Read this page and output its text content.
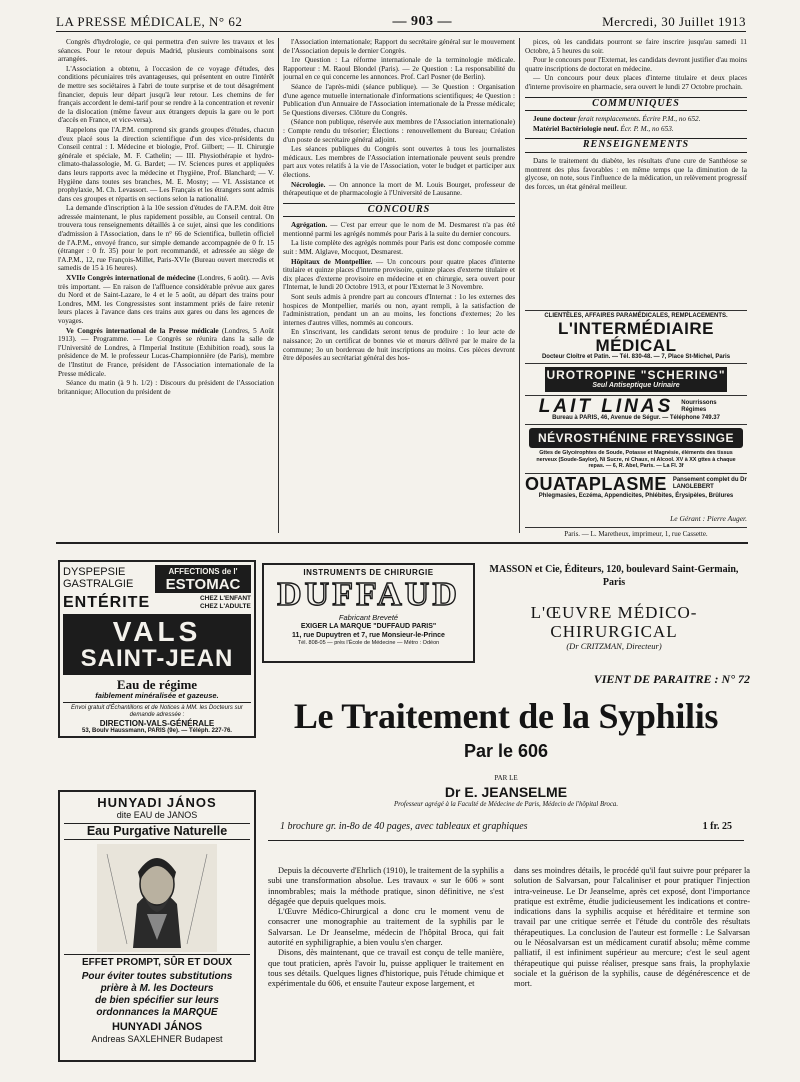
LA PRESSE MÉDICALE, N° 62	— 903 —	Mercredi, 30 Juillet 1913

Congrès d'hydrologie, ce qui permettra d'en suivre les travaux et les séances. Pour le retour depuis Madrid, plusieurs combinaisons sont arrangées.

L'Association a obtenu, à l'occasion de ce voyage d'études, des conditions pécuniaires très avantageuses, qui présentent en outre l'intérêt de mettre ses sociétaires à l'abri de toute surprise et de tout désagrément financier, depuis leur départ jusqu'à leur retour. Les chemins de fer français accordent le demi-tarif pour se rendre à la concentration et revenir de la dislocation (même faveur aux étrangers depuis la gare ou le port d'accès en France, et vice-versa).

Rappelons que l'A.P.M. comprend six grands groupes d'études, chacun d'eux placé sous la direction scientifique d'un des vice-présidents du Conseil central : I. Médecine et biologie, Prof. Gilbert; — II. Chirurgie générale et spéciale, M. F. Cathelin; — III. Physiothérapie et hydro-climato-thalassologie, M. G. Bardet; — IV. Sciences pures et appliquées dans leurs rapports avec la médecine et l'hygiène, Prof. Blanchard; — V. Hygiène dans toutes ses branches, M. E. Mosny; — VI. Assistance et prophylaxie, M. Ch. Levassort. — Les Français et les étrangers sont admis dans ces groupes et répartis en sections selon la nationalité.

La demande d'inscription à la 10e session d'études de l'A.P.M. doit être adressée maintenant, le plus rapidement possible, au Conseil central. On trouvera tous renseignements détaillés à ce sujet, ainsi que les conditions d'admission à l'Association, dans le n° 66 de Scientifica, bulletin officiel de l'A.P.M., envoyé franco, sur simple demande accompagnée de 0 fr. 15 (étranger : 0 fr. 35) pour le port recommandé, et adressée au siège de l'A.P.M., 12, rue François-Millet, Paris-XVIe (Bureau ouvert mercredis et samedis de 15 à 16 heures).

XVIIe Congrès international de médecine (Londres, 6 août). — Avis très important. — En raison de l'affluence considérable prévue aux gares du Nord et de Saint-Lazare, le 4 et le 5 août, au départ des trains pour Londres, MM. les Congressistes sont instamment priés de faire retenir leurs places à l'avance dans ces trains aux gares ou dans les agences de voyages.

Ve Congrès international de la Presse médicale (Londres, 5 Août 1913). — Programme. — Le Congrès se réunira dans la salle de l'Université de Londres, à l'Imperial Institute (Exhibition road), sous la présidence de M. le professeur Lucas-Championnière (de Paris), membre de l'Institut de France, président de l'Association internationale de la Presse médicale.

Séance du matin (à 9 h. 1/2) : Discours du président de l'Association britannique; Allocution du président de

l'Association internationale; Rapport du secrétaire général sur le mouvement de l'Association depuis le dernier Congrès.

1re Question : La réforme internationale de la terminologie médicale. Rapporteur : M. Raoul Blondel (Paris). — 2e Question : La responsabilité du journal en ce qui concerne les annonces. Prof. Carl Posner (de Berlin).

Séance de l'après-midi (séance publique). — 3e Question : Organisation d'une agence mutuelle internationale d'informations scientifiques; 4e Question : Publication d'un Annuaire de l'Association internationale de la Presse médicale; 5e Questions diverses. Clôture du Congrès.

(Séance non publique, réservée aux membres de l'Association internationale) : Compte rendu du trésorier; Élections : renouvellement du Bureau; Création d'un poste de secrétaire général adjoint.

Les séances publiques du Congrès sont ouvertes à tous les journalistes médicaux. Les membres de l'Association internationale peuvent seuls prendre part aux votes relatifs à la vie de l'Association, voter le budget et participer aux élections.

Nécrologie. — On annonce la mort de M. Louis Bourget, professeur de thérapeutique et de pharmacologie à l'Université de Lausanne.

CONCOURS

Agrégation. — C'est par erreur que le nom de M. Desmarest n'a pas été mentionné parmi les agrégés nommés pour Paris à la suite du dernier concours.

La liste complète des agrégés nommés pour Paris est donc composée comme suit : MM. Alglave, Mocquot, Desmarest.

Hôpitaux de Montpellier. — Un concours pour quatre places d'interne titulaire et quinze places d'interne provisoire, quinze places d'externe titulaire et dix places d'externe provisoire en médecine et en chirurgie, sera ouvert pour l'Internat, le lundi 20 Octobre 1913, et pour l'Externat le 3 Novembre.

Sont seuls admis à prendre part au concours d'Internat : 1o les externes des hospices de Montpellier, mariés ou non, ayant rempli, à la satisfaction de l'administration, pendant un an au moins, les fonctions d'externes; 2o les internes d'autres villes, nommés au concours.

En s'inscrivant, les candidats seront tenus de produire : 1o leur acte de naissance; 2o un certificat de bonnes vie et mœurs délivré par le maire de la commune; 3o un bordereau de huit inscriptions au moins. Ces pièces devront être déposées au secrétariat général des hos-

pices, où les candidats pourront se faire inscrire jusqu'au samedi 11 Octobre, à 5 heures du soir.

Pour le concours pour l'Externat, les candidats devront justifier d'au moins quatre inscriptions de doctorat en médecine.

— Un concours pour deux places d'interne titulaire et deux places d'interne provisoire en pharmacie, sera ouvert le lundi 27 Octobre prochain.

COMMUNIQUÉS

Jeune docteur ferait remplacements. Écrire P.M., no 652.

Matériel Bactériologie neuf. Écr. P. M., no 653.

RENSEIGNEMENTS

Dans le traitement du diabète, les résultats d'une cure de Santhéose se montrent des plus favorables : en même temps que la diminution de la glycose, on note, sous l'influence de la médication, un relèvement progressif des forces, un état général meilleur.

CLIENTÈLES, AFFAIRES PARAMÉDICALES, REMPLACEMENTS.
L'INTERMÉDIAIRE MÉDICAL
Docteur Cloître et Patin. — Tél. 830-48. — 7, Place St-Michel, Paris
UROTROPINE "SCHERING"
Seul Antiseptique Urinaire
LAIT LINAS Nourrissons Régimes
Bureau à PARIS, 46, Avenue de Ségur. — Téléphone 749.37
NÉVROSTHÉNINE FREYSSINGE
Gttes de Glycérophtes de Soude, Potasse et Magnésie, éléments des tissus nerveux (Soude-Saylor), Ni Sucre, ni Chaux, ni Alcool. XV à XX gttes à chaque repas. — 6, R. Abel, Paris. — La Fl. 3f
OUATAPLASME Pansement complet du Dr LANGLEBERT
Phlegmasies, Eczéma, Appendicites, Phlébites, Érysipèles, Brûlures
Le Gérant : Pierre Auger.
Paris. — L. Maretheux, imprimeur, 1, rue Cassette.
DYSPEPSIE
GASTRALGIE
AFFECTIONS de l'
ESTOMAC
ENTÉRITE	CHEZ L'ENFANT
CHEZ L'ADULTE
VALS
SAINT-JEAN
Eau de régime
faiblement minéralisée et gazeuse.
Envoi gratuit d'Échantillons et de Notices à MM. les Docteurs sur demande adressée :
DIRECTION-VALS-GÉNÉRALE
53, Boulv Haussmann, PARIS (9e). — Téléph. 227-76.
HUNYADI JÁNOS
dite EAU de JANOS
Eau Purgative Naturelle
EFFET PROMPT, SÛR ET DOUX
Pour éviter toutes substitutions
prière à M. les Docteurs
de bien spécifier sur leurs
ordonnances la MARQUE
HUNYADI JÁNOS
Andreas SAXLEHNER Budapest
INSTRUMENTS DE CHIRURGIE
DUFFAUD
Fabricant Breveté
EXIGER LA MARQUE "DUFFAUD PARIS"
11, rue Dupuytren et 7, rue Monsieur-le-Prince
Tél. 808-05 — près l'École de Médecine — Métro : Odéon
MASSON et Cie, Éditeurs, 120, boulevard Saint-Germain, Paris
L'ŒUVRE MÉDICO-CHIRURGICAL
(Dr CRITZMAN, Directeur)
VIENT DE PARAITRE : N° 72
Le Traitement de la Syphilis
Par le 606
PAR LE
Dr E. JEANSELME
Professeur agrégé à la Faculté de Médecine de Paris, Médecin de l'hôpital Broca.
1 brochure gr. in-8o de 40 pages, avec tableaux et graphiques	1 fr. 25

Depuis la découverte d'Ehrlich (1910), le traitement de la syphilis a subi une transformation absolue. Les travaux « sur le 606 » sont innombrables; mais la méthode pratique, sinon définitive, ne s'est dégagée que depuis quelques mois.

L'Œuvre Médico-Chirurgical a donc cru le moment venu de consacrer une monographie au traitement de la syphilis par le Salvarsan. Le Dr Jeanselme, médecin de l'hôpital Broca, qui fait autorité en syphiligraphie, a bien voulu s'en charger.

Disons, dès maintenant, que ce travail est conçu de telle manière, que tout praticien, après l'avoir lu, puisse appliquer le traitement en tous ses détails. Quelques lignes d'historique, puis l'étude chimique et expérimentale du 606, et ensuite l'auteur expose largement, et

dans ses moindres détails, le procédé qu'il faut suivre pour préparer la solution de Salvarsan, pour l'alcaliniser et pour pratiquer l'injection intra-veineuse. Le Dr Jeanselme, après cet exposé, dont l'importance pratique est extrême, étudie judicieusement les indications et contre-indications dans la syphilis acquise et héréditaire et termine son travail par une critique serrée et l'étude du contrôle des résultats thérapeutiques. La conclusion de l'auteur est formelle : Le Salvarsan ou le Néosalvarsan est un médicament curatif absolu; même comme palliatif, il est infiniment supérieur au mercure; c'est le seul agent thérapeutique qui puisse réaliser, presque sans frais, la prophylaxie sociale et la guérison de la syphilis, cause de dégénérescence et de mort.
